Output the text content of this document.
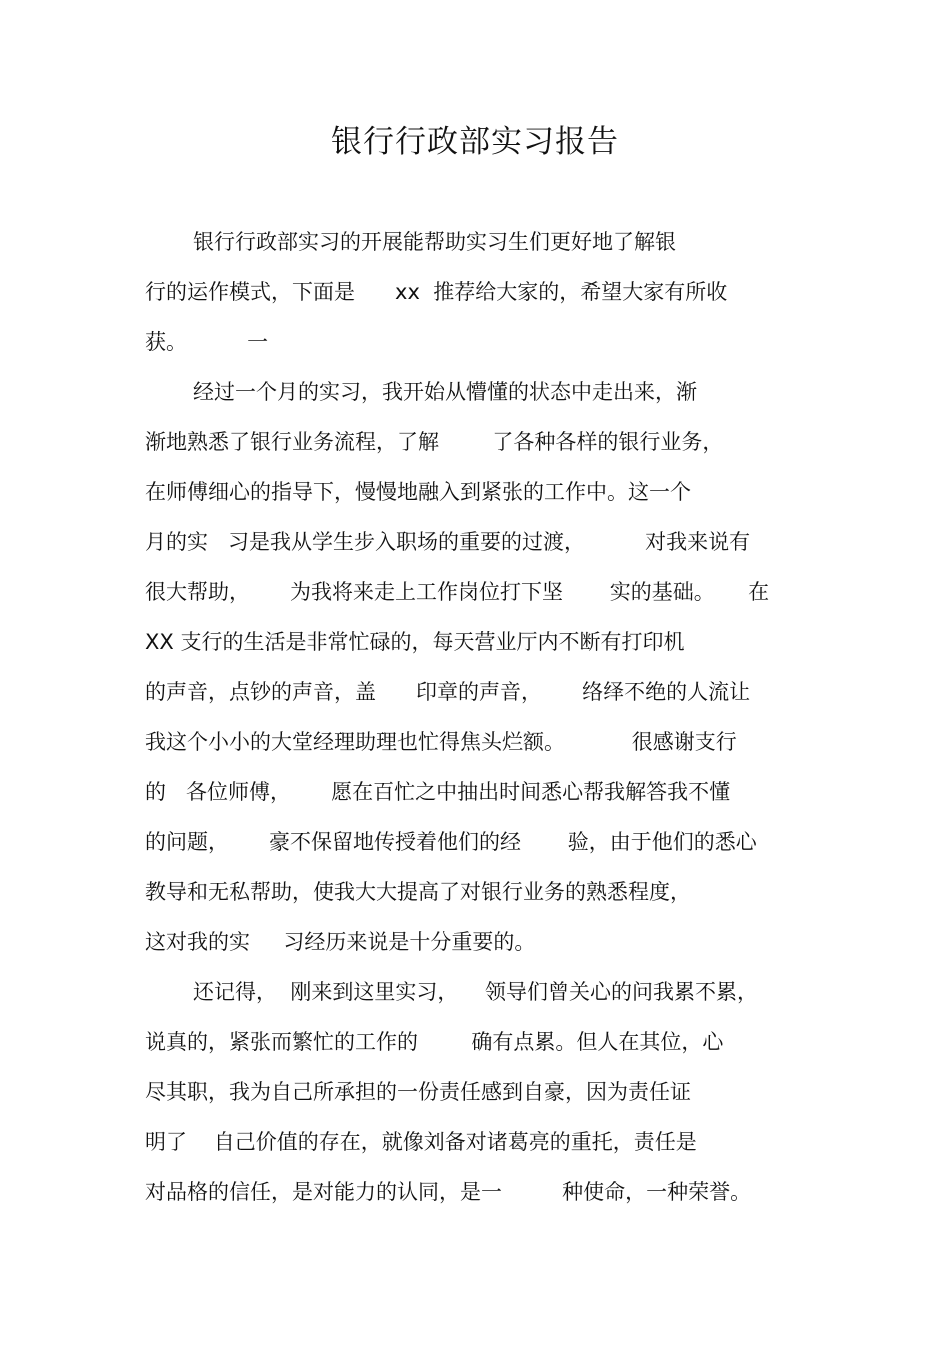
银行行政部实习报告
银行行政部实习的开展能帮助实习生们更好地了解银
行的运作模式，下面是      xx  推荐给大家的，希望大家有所收
获。         一
经过一个月的实习，我开始从懵懂的状态中走出来，渐
渐地熟悉了银行业务流程，了解        了各种各样的银行业务，
在师傅细心的指导下，慢慢地融入到紧张的工作中。这一个
月的实   习是我从学生步入职场的重要的过渡，         对我来说有
很大帮助，      为我将来走上工作岗位打下坚       实的基础。     在
XX 支行的生活是非常忙碌的，每天营业厅内不断有打印机
的声音，点钞的声音，盖      印章的声音，      络绎不绝的人流让
我这个小小的大堂经理助理也忙得焦头烂额。          很感谢支行
的   各位师傅，      愿在百忙之中抽出时间悉心帮我解答我不懂
的问题，      豪不保留地传授着他们的经       验，由于他们的悉心
教导和无私帮助，使我大大提高了对银行业务的熟悉程度，
这对我的实     习经历来说是十分重要的。
还记得，  刚来到这里实习，    领导们曾关心的问我累不累，
说真的，紧张而繁忙的工作的        确有点累。但人在其位，心
尽其职，我为自己所承担的一份责任感到自豪，因为责任证
明了    自己价值的存在，就像刘备对诸葛亮的重托，责任是
对品格的信任，是对能力的认同，是一         种使命，一种荣誉。
